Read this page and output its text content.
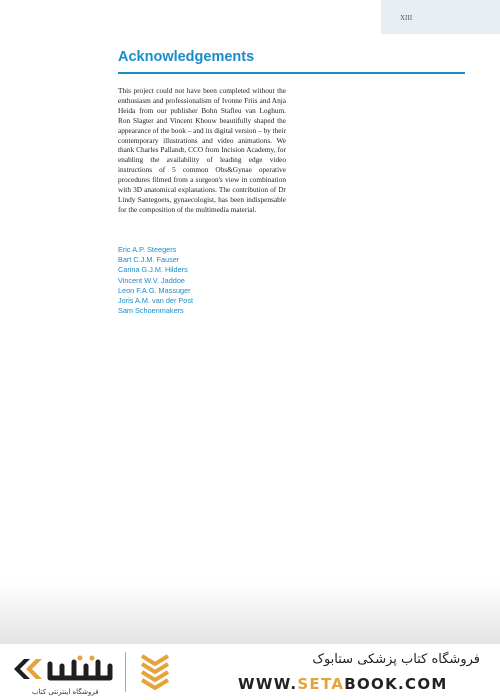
XIII
Acknowledgements

This project could not have been completed without the enthusiasm and professionalism of Ivonne Friis and Anja Heida from our publisher Bohn Stafleu van Loghum. Ron Slagter and Vincent Khouw beautifully shaped the appearance of the book – and its digital version – by their contemporary illustrations and video animations. We thank Charles Pallandt, CCO from Incision Academy, for enabling the availability of leading edge video instructions of 5 common Obs&Gynae operative procedures filmed from a surgeon's view in combination with 3D anatomical explanations. The contribution of Dr Lindy Santegoets, gynaecologist, has been indispensable for the composition of the multimedia material.

Eric A.P. Steegers
Bart C.J.M. Fauser
Carina G.J.M. Hilders
Vincent W.V. Jaddoe
Leon F.A.G. Massuger
Joris A.M. van der Post
Sam Schoenmakers
فروشگاه اینترنتی کتاب
فروشگاه کتاب پزشکی ستابوک
WWW.SETABOOK.COM
